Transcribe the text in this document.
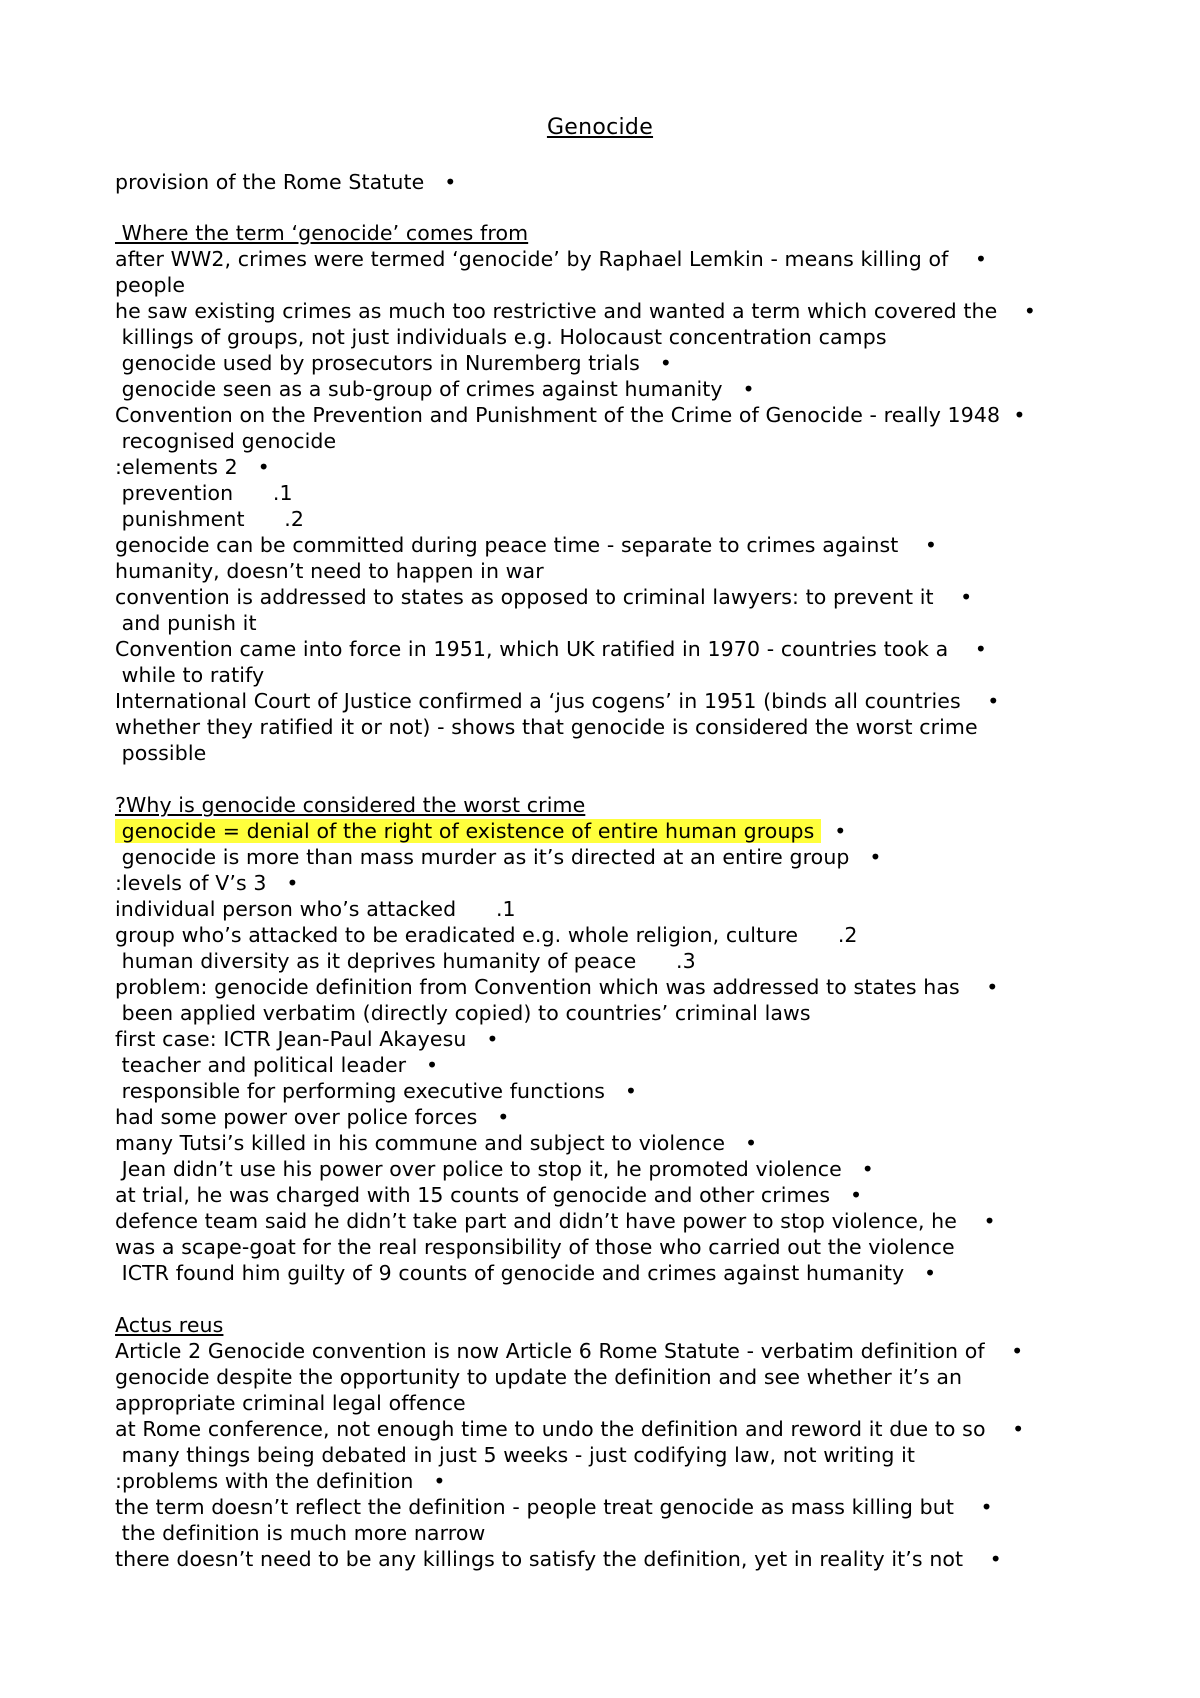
Genocide
provision of the Rome Statute   •
Where the term ‘genocide’ comes from
after WW2, crimes were termed ‘genocide’ by Raphael Lemkin - means killing of    •
people
he saw existing crimes as much too restrictive and wanted a term which covered the    •
killings of groups, not just individuals e.g. Holocaust concentration camps
genocide used by prosecutors in Nuremberg trials   •
genocide seen as a sub-group of crimes against humanity   •
Convention on the Prevention and Punishment of the Crime of Genocide - really 1948  •
recognised genocide
:elements 2   •
prevention      .1
punishment      .2
genocide can be committed during peace time - separate to crimes against    •
humanity, doesn’t need to happen in war
convention is addressed to states as opposed to criminal lawyers: to prevent it    •
and punish it
Convention came into force in 1951, which UK ratified in 1970 - countries took a    •
while to ratify
International Court of Justice confirmed a ‘jus cogens’ in 1951 (binds all countries    •
whether they ratified it or not) - shows that genocide is considered the worst crime
possible
?Why is genocide considered the worst crime
genocide = denial of the right of existence of entire human groups   •
genocide is more than mass murder as it’s directed at an entire group   •
:levels of V’s 3   •
individual person who’s attacked      .1
group who’s attacked to be eradicated e.g. whole religion, culture      .2
human diversity as it deprives humanity of peace      .3
problem: genocide definition from Convention which was addressed to states has    •
been applied verbatim (directly copied) to countries’ criminal laws
first case: ICTR Jean-Paul Akayesu   •
teacher and political leader   •
responsible for performing executive functions   •
had some power over police forces   •
many Tutsi’s killed in his commune and subject to violence   •
Jean didn’t use his power over police to stop it, he promoted violence   •
at trial, he was charged with 15 counts of genocide and other crimes   •
defence team said he didn’t take part and didn’t have power to stop violence, he    •
was a scape-goat for the real responsibility of those who carried out the violence
ICTR found him guilty of 9 counts of genocide and crimes against humanity   •
Actus reus
Article 2 Genocide convention is now Article 6 Rome Statute - verbatim definition of    •
genocide despite the opportunity to update the definition and see whether it’s an
appropriate criminal legal offence
at Rome conference, not enough time to undo the definition and reword it due to so    •
many things being debated in just 5 weeks - just codifying law, not writing it
:problems with the definition   •
the term doesn’t reflect the definition - people treat genocide as mass killing but    •
the definition is much more narrow
there doesn’t need to be any killings to satisfy the definition, yet in reality it’s not    •
